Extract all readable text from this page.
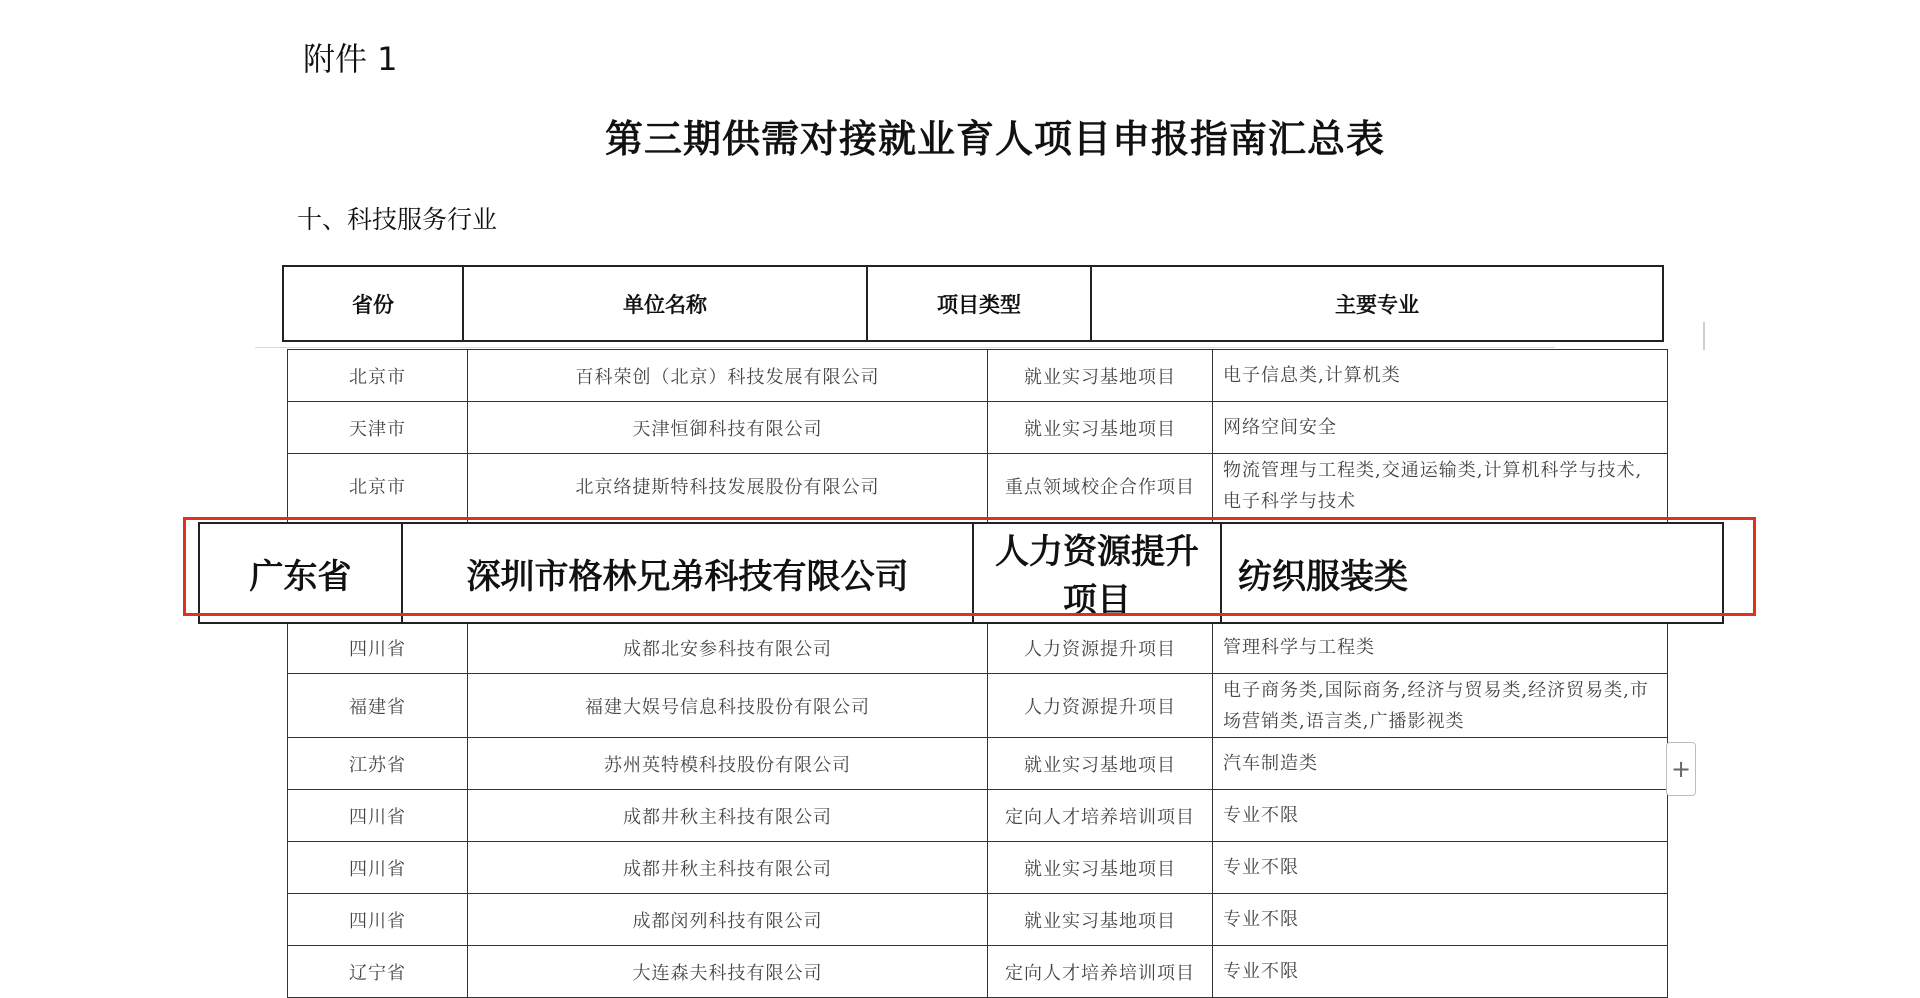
附件 1
第三期供需对接就业育人项目申报指南汇总表
十、科技服务行业
省份	单位名称	项目类型	主要专业
北京市	百科荣创（北京）科技发展有限公司	就业实习基地项目	电子信息类,计算机类
天津市	天津恒御科技有限公司	就业实习基地项目	网络空间安全
北京市	北京络捷斯特科技发展股份有限公司	重点领域校企合作项目	物流管理与工程类,交通运输类,计算机科学与技术,电子科学与技术

四川省	成都北安参科技有限公司	人力资源提升项目	管理科学与工程类
福建省	福建大娱号信息科技股份有限公司	人力资源提升项目	电子商务类,国际商务,经济与贸易类,经济贸易类,市场营销类,语言类,广播影视类
江苏省	苏州英特模科技股份有限公司	就业实习基地项目	汽车制造类
四川省	成都井秋主科技有限公司	定向人才培养培训项目	专业不限
四川省	成都井秋主科技有限公司	就业实习基地项目	专业不限
四川省	成都闵列科技有限公司	就业实习基地项目	专业不限
辽宁省	大连森夫科技有限公司	定向人才培养培训项目	专业不限
广东省	深圳市格林兄弟科技有限公司	人力资源提升项目	纺织服装类
+
